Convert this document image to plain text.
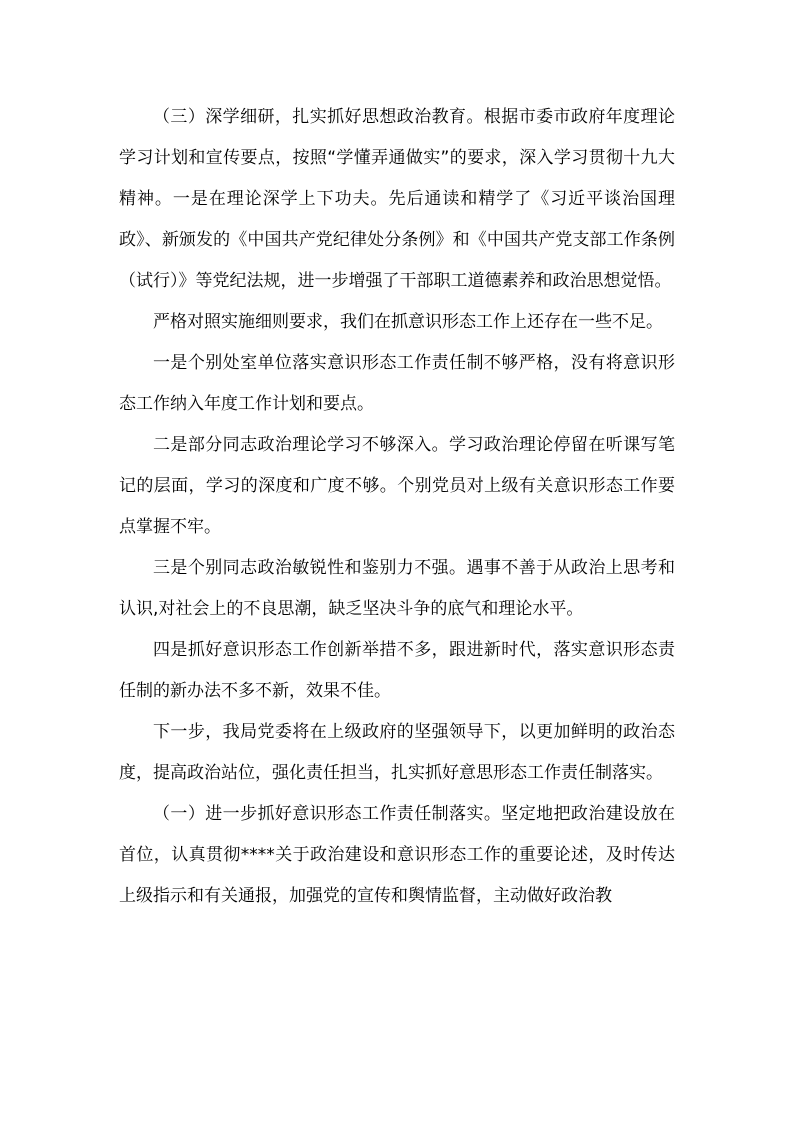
（三）深学细研，扎实抓好思想政治教育。根据市委市政府年度理论学习计划和宣传要点，按照“学懂弄通做实”的要求，深入学习贯彻十九大精神。一是在理论深学上下功夫。先后通读和精学了《习近平谈治国理政》、新颁发的《中国共产党纪律处分条例》和《中国共产党支部工作条例（试行）》等党纪法规，进一步增强了干部职工道德素养和政治思想觉悟。

严格对照实施细则要求，我们在抓意识形态工作上还存在一些不足。

一是个别处室单位落实意识形态工作责任制不够严格，没有将意识形态工作纳入年度工作计划和要点。

二是部分同志政治理论学习不够深入。学习政治理论停留在听课写笔记的层面，学习的深度和广度不够。个别党员对上级有关意识形态工作要点掌握不牢。

三是个别同志政治敏锐性和鉴别力不强。遇事不善于从政治上思考和认识,对社会上的不良思潮，缺乏坚决斗争的底气和理论水平。

四是抓好意识形态工作创新举措不多，跟进新时代，落实意识形态责任制的新办法不多不新，效果不佳。

下一步，我局党委将在上级政府的坚强领导下，以更加鲜明的政治态度，提高政治站位，强化责任担当，扎实抓好意思形态工作责任制落实。

（一）进一步抓好意识形态工作责任制落实。坚定地把政治建设放在首位，认真贯彻****关于政治建设和意识形态工作的重要论述，及时传达上级指示和有关通报，加强党的宣传和舆情监督，主动做好政治教
